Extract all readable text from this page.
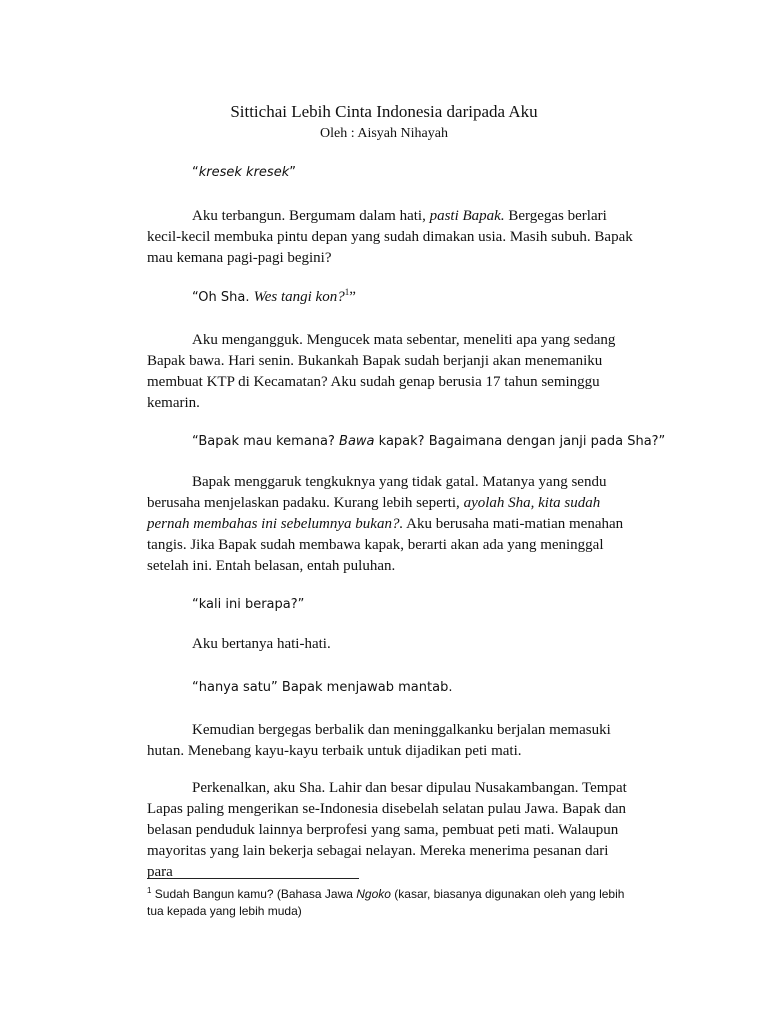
Sittichai Lebih Cinta Indonesia daripada Aku
Oleh : Aisyah Nihayah

“kresek kresek”

Aku terbangun. Bergumam dalam hati, pasti Bapak. Bergegas berlari kecil-kecil membuka pintu depan yang sudah dimakan usia. Masih subuh. Bapak mau kemana pagi-pagi begini?

“Oh Sha. Wes tangi kon?$^1$”

Aku mengangguk. Mengucek mata sebentar, meneliti apa yang sedang Bapak bawa. Hari senin. Bukankah Bapak sudah berjanji akan menemaniku membuat KTP di Kecamatan? Aku sudah genap berusia 17 tahun seminggu kemarin.

“Bapak mau kemana? Bawa kapak? Bagaimana dengan janji pada Sha?”

Bapak menggaruk tengkuknya yang tidak gatal. Matanya yang sendu berusaha menjelaskan padaku. Kurang lebih seperti, ayolah Sha, kita sudah pernah membahas ini sebelumnya bukan?. Aku berusaha mati-matian menahan tangis. Jika Bapak sudah membawa kapak, berarti akan ada yang meninggal setelah ini. Entah belasan, entah puluhan.

“kali ini berapa?”

Aku bertanya hati-hati.

“hanya satu” Bapak menjawab mantab.

Kemudian bergegas berbalik dan meninggalkanku berjalan memasuki hutan. Menebang kayu-kayu terbaik untuk dijadikan peti mati.

Perkenalkan, aku Sha. Lahir dan besar dipulau Nusakambangan. Tempat Lapas paling mengerikan se-Indonesia disebelah selatan pulau Jawa. Bapak dan belasan penduduk lainnya berprofesi yang sama, pembuat peti mati. Walaupun mayoritas yang lain bekerja sebagai nelayan. Mereka menerima pesanan dari para

$^1$ Sudah Bangun kamu? (Bahasa Jawa Ngoko (kasar, biasanya digunakan oleh yang lebih tua kepada yang lebih muda)
